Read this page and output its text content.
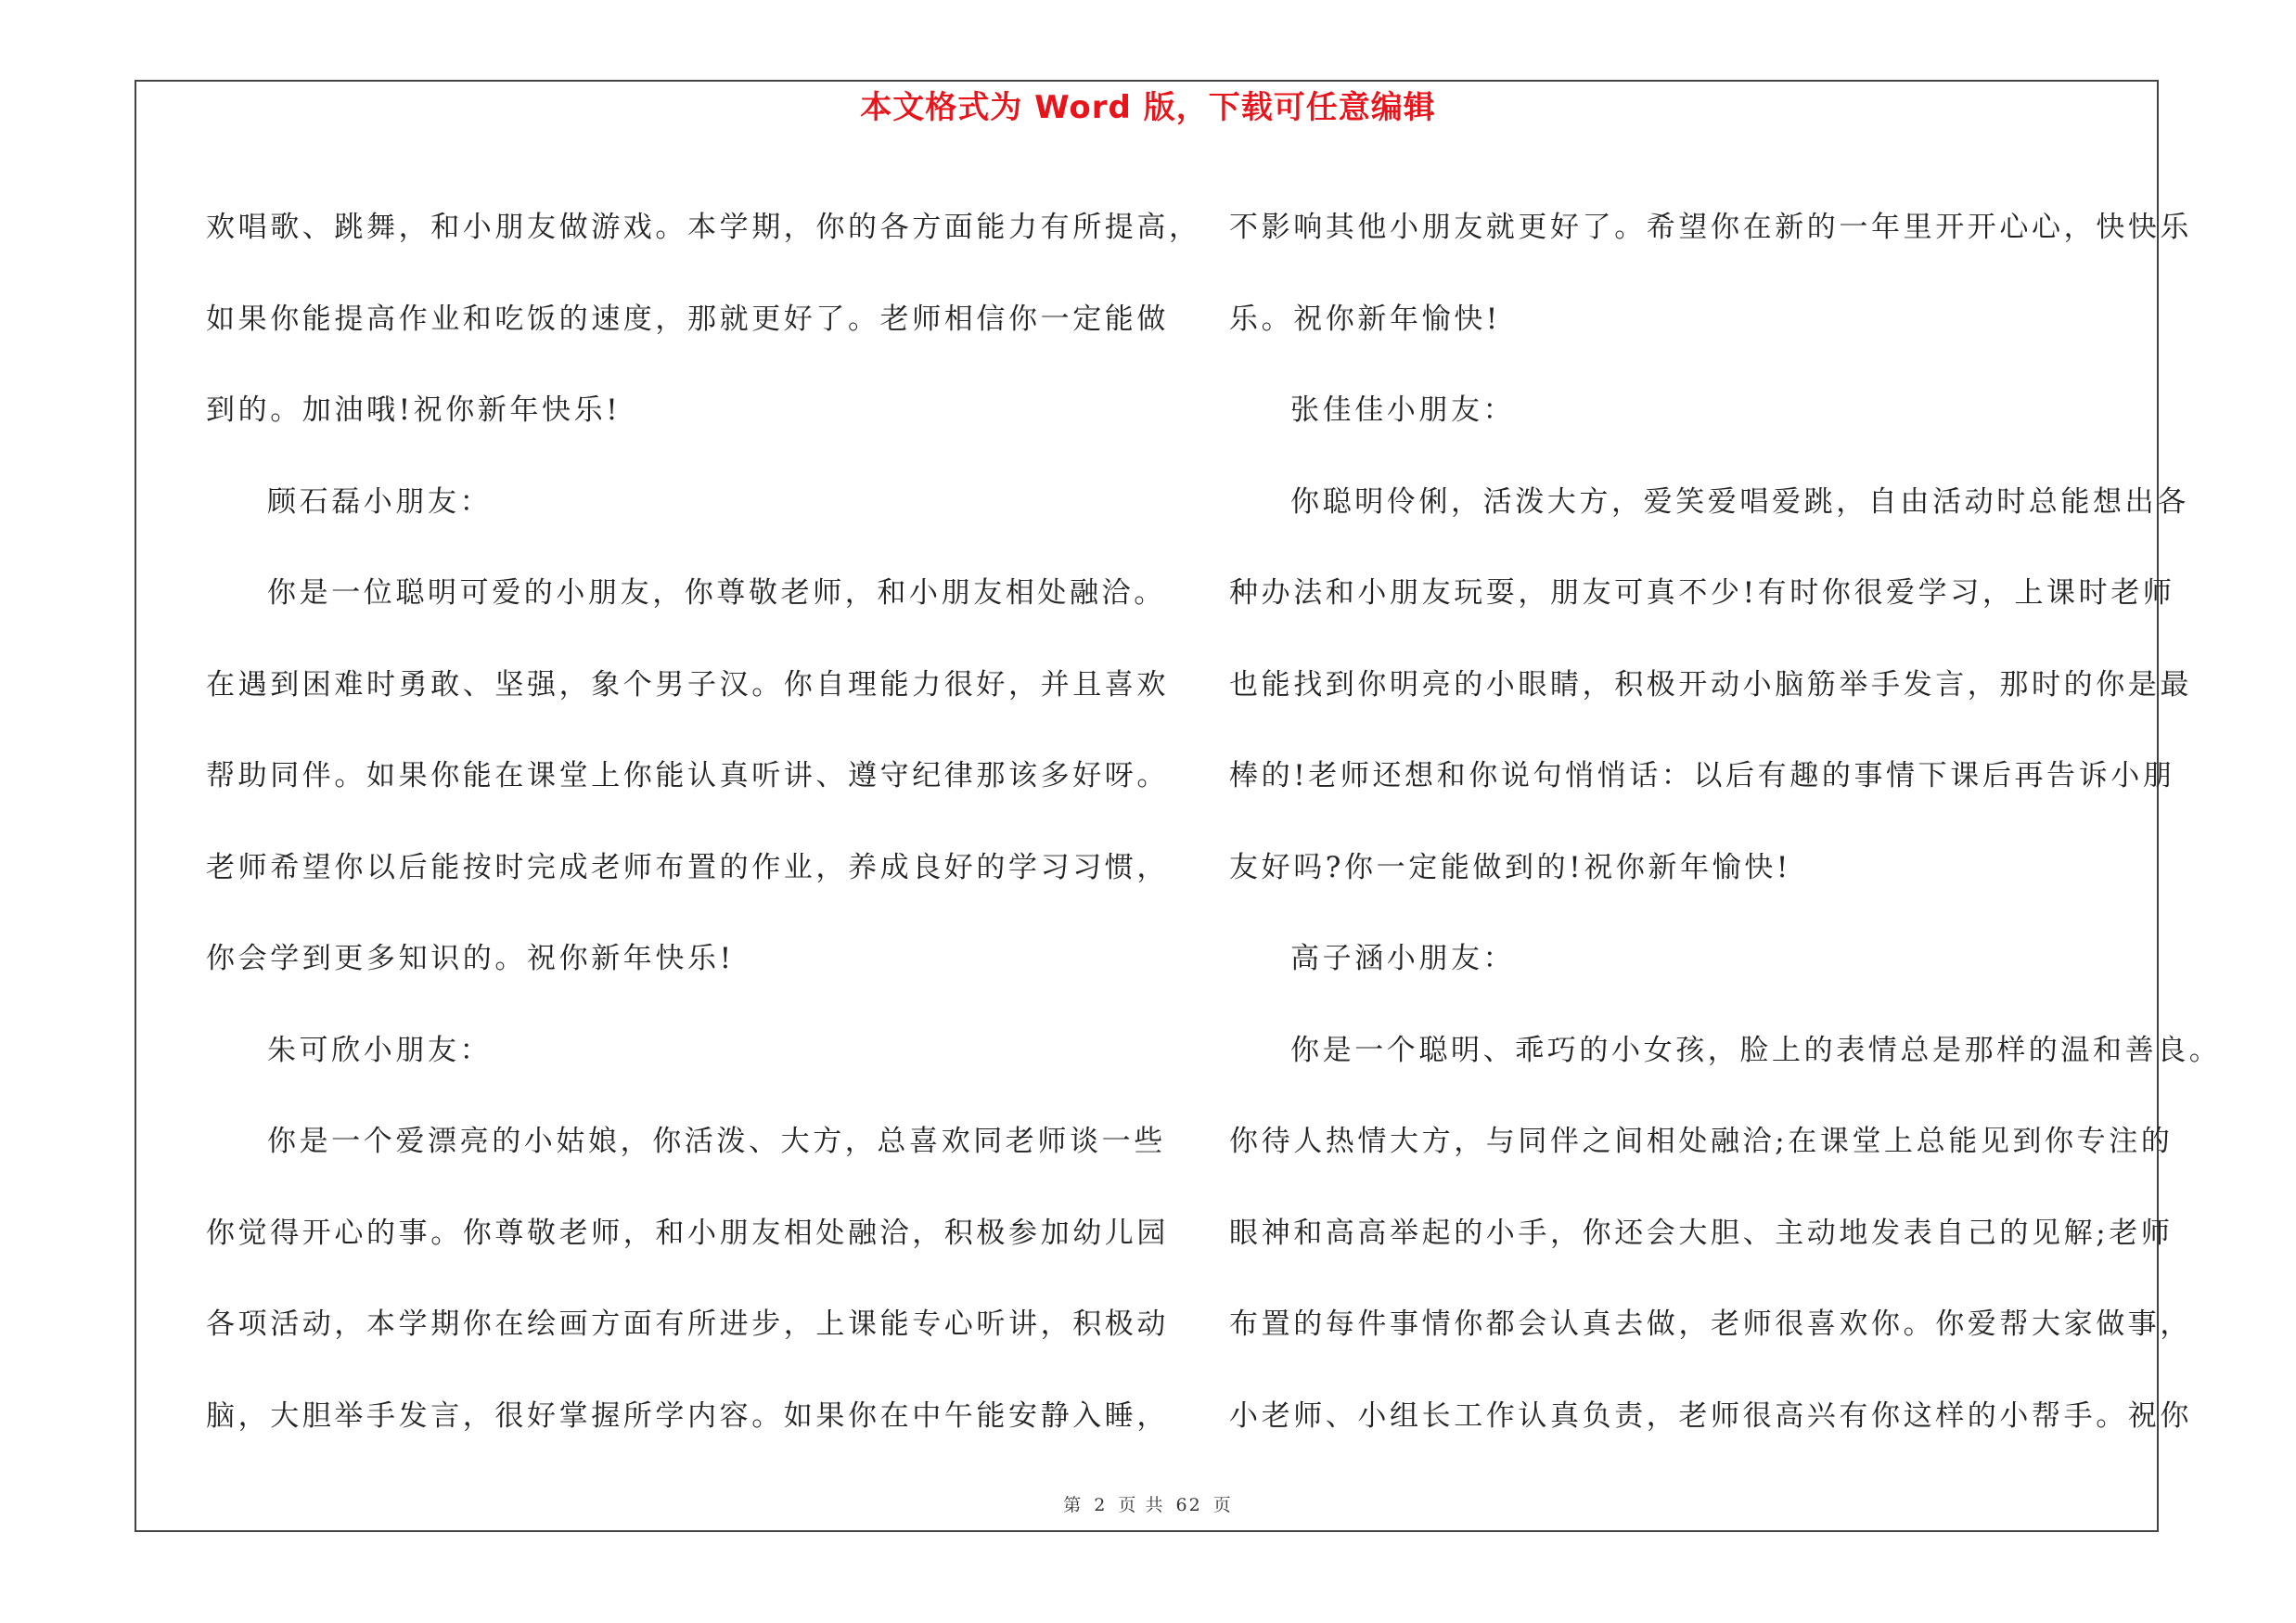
本文格式为 Word 版，下载可任意编辑

欢唱歌、跳舞，和小朋友做游戏。本学期，你的各方面能力有所提高，

如果你能提高作业和吃饭的速度，那就更好了。老师相信你一定能做

到的。加油哦!祝你新年快乐!

顾石磊小朋友：

你是一位聪明可爱的小朋友，你尊敬老师，和小朋友相处融洽。

在遇到困难时勇敢、坚强，象个男子汉。你自理能力很好，并且喜欢

帮助同伴。如果你能在课堂上你能认真听讲、遵守纪律那该多好呀。

老师希望你以后能按时完成老师布置的作业，养成良好的学习习惯，

你会学到更多知识的。祝你新年快乐!

朱可欣小朋友：

你是一个爱漂亮的小姑娘，你活泼、大方，总喜欢同老师谈一些

你觉得开心的事。你尊敬老师，和小朋友相处融洽，积极参加幼儿园

各项活动，本学期你在绘画方面有所进步，上课能专心听讲，积极动

脑，大胆举手发言，很好掌握所学内容。如果你在中午能安静入睡，

不影响其他小朋友就更好了。希望你在新的一年里开开心心，快快乐

乐。祝你新年愉快!

张佳佳小朋友：

你聪明伶俐，活泼大方，爱笑爱唱爱跳，自由活动时总能想出各

种办法和小朋友玩耍，朋友可真不少!有时你很爱学习，上课时老师

也能找到你明亮的小眼睛，积极开动小脑筋举手发言，那时的你是最

棒的!老师还想和你说句悄悄话：以后有趣的事情下课后再告诉小朋

友好吗?你一定能做到的!祝你新年愉快!

高子涵小朋友：

你是一个聪明、乖巧的小女孩，脸上的表情总是那样的温和善良。

你待人热情大方，与同伴之间相处融洽;在课堂上总能见到你专注的

眼神和高高举起的小手，你还会大胆、主动地发表自己的见解;老师

布置的每件事情你都会认真去做，老师很喜欢你。你爱帮大家做事，

小老师、小组长工作认真负责，老师很高兴有你这样的小帮手。祝你

第 2 页 共 62 页
